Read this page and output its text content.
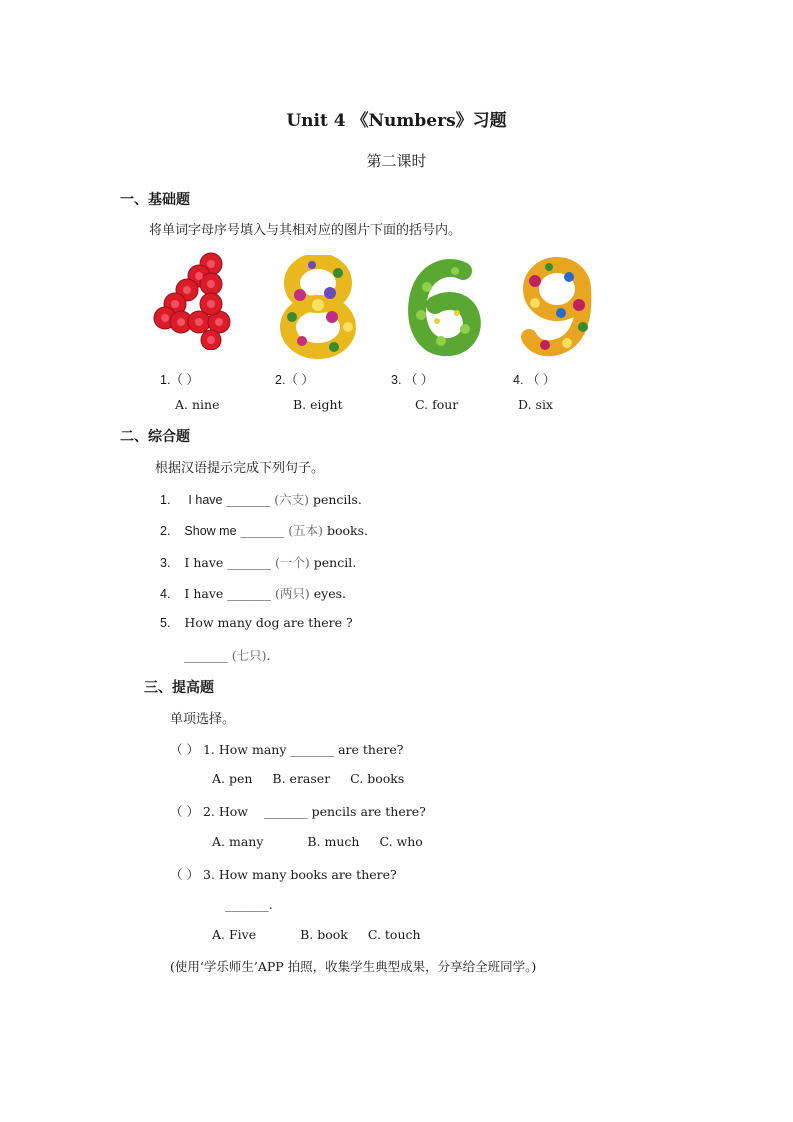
Unit 4 《Numbers》习题
第二课时
一、基础题
将单词字母序号填入与其相对应的图片下面的括号内。
1.（ ）	2.（ ）	3. （ ）	4. （ ）
A. nine	B. eight	C. four	D. six
二、综合题
根据汉语提示完成下列句子。
1. I have _______ (六支) pencils.
2. Show me _______ (五本) books.
3. I have _______ (一个) pencil.
4. I have _______ (两只) eyes.
5. How many dog are there ?
_______ (七只).
三、提高题
单项选择。
（ ） 1. How many _______ are there?
A. pen B. eraser C. books
（ ） 2. How    _______ pencils are there?
A. many	B. much C. who
（ ） 3. How many books are there?
_______.
A. Five	B. book C. touch
(使用‘学乐师生’APP 拍照，收集学生典型成果，分享给全班同学。)
